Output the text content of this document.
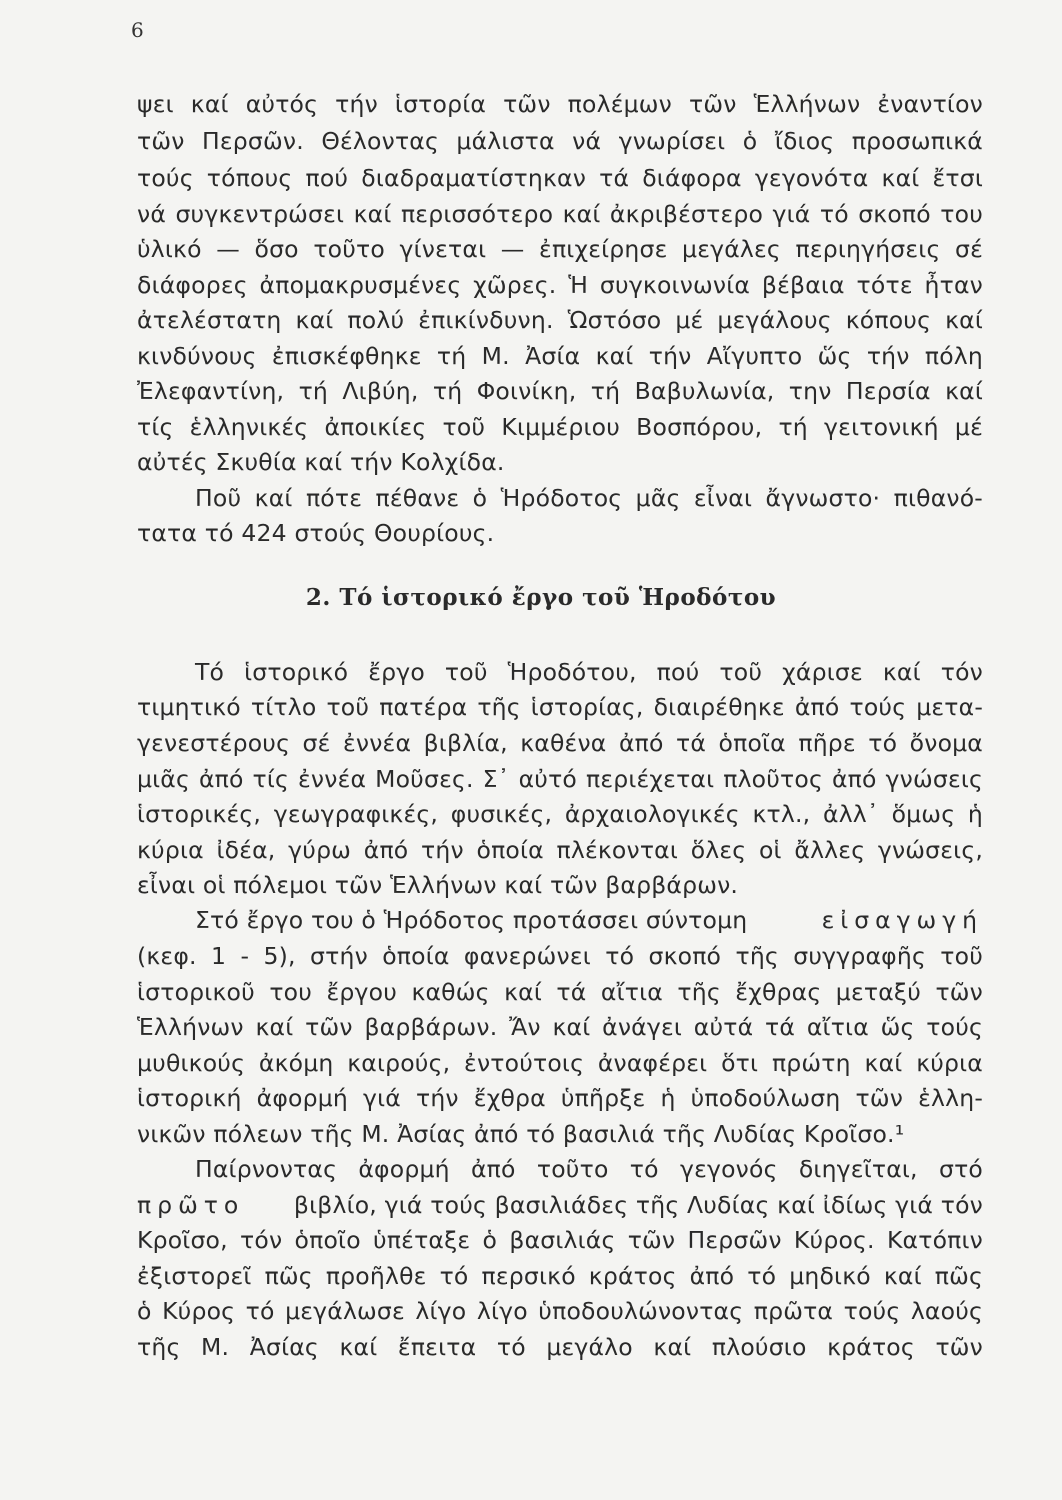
6
ψει καί αὐτός τήν ἱστορία τῶν πολέμων τῶν Ἑλλήνων ἐναντίον
τῶν Περσῶν. Θέλοντας μάλιστα νά γνωρίσει ὁ ἴδιος προσωπικά
τούς τόπους πού διαδραματίστηκαν τά διάφορα γεγονότα καί ἔτσι
νά συγκεντρώσει καί περισσότερο καί ἀκριβέστερο γιά τό σκοπό του
ὑλικό — ὅσο τοῦτο γίνεται — ἐπιχείρησε μεγάλες περιηγήσεις σέ
διάφορες ἀπομακρυσμένες χῶρες. Ἡ συγκοινωνία βέβαια τότε ἦταν
ἀτελέστατη καί πολύ ἐπικίνδυνη. Ὡστόσο μέ μεγάλους κόπους καί
κινδύνους ἐπισκέφθηκε τή Μ. Ἀσία καί τήν Αἴγυπτο ὥς τήν πόλη
Ἐλεφαντίνη, τή Λιβύη, τή Φοινίκη, τή Βαβυλωνία, την Περσία καί
τίς ἑλληνικές ἀποικίες τοῦ Κιμμέριου Βοσπόρου, τή γειτονική μέ
αὐτές Σκυθία καί τήν Κολχίδα.
Ποῦ καί πότε πέθανε ὁ Ἡρόδοτος μᾶς εἶναι ἄγνωστο· πιθανό-
τατα τό 424 στούς Θουρίους.
2. Τό ἱστορικό ἔργο τοῦ Ἡροδότου
Τό ἱστορικό ἔργο τοῦ Ἡροδότου, πού τοῦ χάρισε καί τόν
τιμητικό τίτλο τοῦ πατέρα τῆς ἱστορίας, διαιρέθηκε ἀπό τούς μετα-
γενεστέρους σέ ἐννέα βιβλία, καθένα ἀπό τά ὁποῖα πῆρε τό ὄνομα
μιᾶς ἀπό τίς ἐννέα Μοῦσες. Σ᾽ αὐτό περιέχεται πλοῦτος ἀπό γνώσεις
ἱστορικές, γεωγραφικές, φυσικές, ἀρχαιολογικές κτλ., ἀλλ᾽ ὅμως ἡ
κύρια ἰδέα, γύρω ἀπό τήν ὁποία πλέκονται ὅλες οἱ ἄλλες γνώσεις,
εἶναι οἱ πόλεμοι τῶν Ἑλλήνων καί τῶν βαρβάρων.
Στό ἔργο του ὁ Ἡρόδοτος προτάσσει σύντομη	εἰσαγωγή
(κεφ. 1 - 5), στήν ὁποία φανερώνει τό σκοπό τῆς συγγραφῆς τοῦ
ἱστορικοῦ του ἔργου καθώς καί τά αἴτια τῆς ἔχθρας μεταξύ τῶν
Ἑλλήνων καί τῶν βαρβάρων. Ἄν καί ἀνάγει αὐτά τά αἴτια ὥς τούς
μυθικούς ἀκόμη καιρούς, ἐντούτοις ἀναφέρει ὅτι πρώτη καί κύρια
ἱστορική ἀφορμή γιά τήν ἔχθρα ὑπῆρξε ἡ ὑποδούλωση τῶν ἑλλη-
νικῶν πόλεων τῆς Μ. Ἀσίας ἀπό τό βασιλιά τῆς Λυδίας Κροῖσο.¹
Παίρνοντας ἀφορμή ἀπό τοῦτο τό γεγονός διηγεῖται, στό
πρῶτο βιβλίο, γιά τούς βασιλιάδες τῆς Λυδίας καί ἰδίως γιά τόν
Κροῖσο, τόν ὁποῖο ὑπέταξε ὁ βασιλιάς τῶν Περσῶν Κύρος. Κατόπιν
ἐξιστορεῖ πῶς προῆλθε τό περσικό κράτος ἀπό τό μηδικό καί πῶς
ὁ Κύρος τό μεγάλωσε λίγο λίγο ὑποδουλώνοντας πρῶτα τούς λαούς
τῆς Μ. Ἀσίας καί ἔπειτα τό μεγάλο καί πλούσιο κράτος τῶν
